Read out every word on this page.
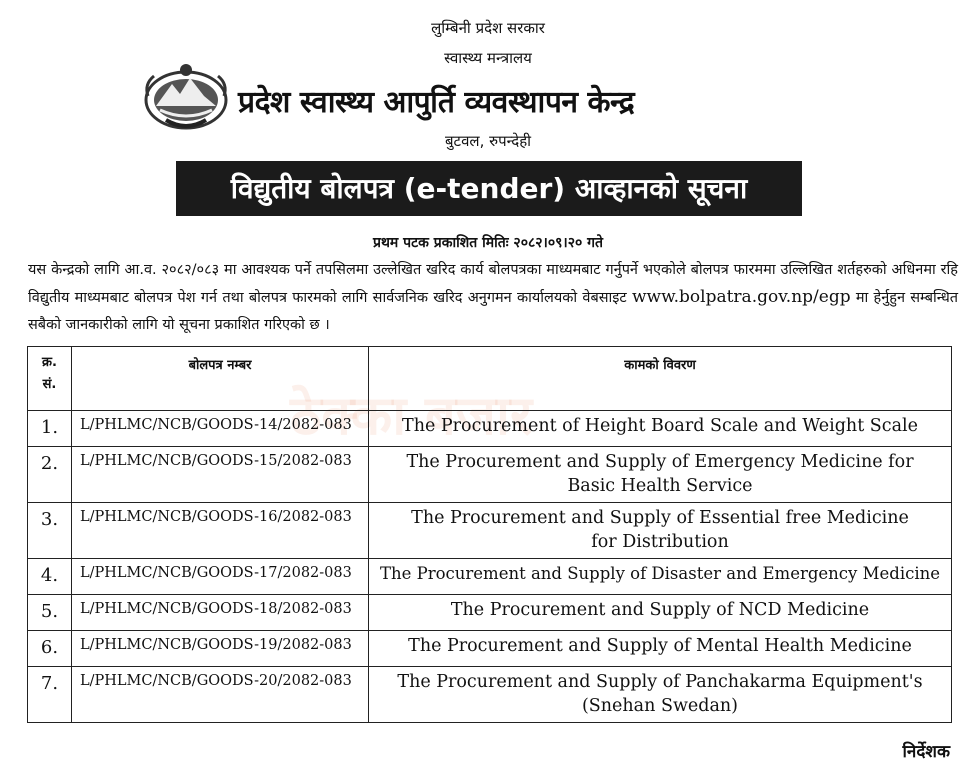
लुम्बिनी प्रदेश सरकार
स्वास्थ्य मन्त्रालय
प्रदेश स्वास्थ्य आपुर्ति व्यवस्थापन केन्द्र
बुटवल, रुपन्देही
विद्युतीय बोलपत्र (e-tender) आव्हानको सूचना
प्रथम पटक प्रकाशित मितिः २०८२।०९।२० गते
यस केन्द्रको लागि आ.व. २०८२/०८३ मा आवश्यक पर्ने तपसिलमा उल्लेखित खरिद कार्य बोलपत्रका माध्यमबाट गर्नुपर्ने भएकोले बोलपत्र फारममा उल्लिखित शर्तहरुको अधिनमा रहि विद्युतीय माध्यमबाट बोलपत्र पेश गर्न तथा बोलपत्र फारमको लागि सार्वजनिक खरिद अनुगमन कार्यालयको वेबसाइट www.bolpatra.gov.np/egp मा हेर्नुहुन सम्बन्धित सबैको जानकारीको लागि यो सूचना प्रकाशित गरिएको छ ।
ठेक्का बजार
क्र.
सं.	बोलपत्र नम्बर	कामको विवरण
1.	L/PHLMC/NCB/GOODS-14/2082-083	The Procurement of Height Board Scale and Weight Scale
2.	L/PHLMC/NCB/GOODS-15/2082-083	The Procurement and Supply of Emergency Medicine for
Basic Health Service
3.	L/PHLMC/NCB/GOODS-16/2082-083	The Procurement and Supply of Essential free Medicine
for Distribution
4.	L/PHLMC/NCB/GOODS-17/2082-083	The Procurement and Supply of Disaster and Emergency Medicine
5.	L/PHLMC/NCB/GOODS-18/2082-083	The Procurement and Supply of NCD Medicine
6.	L/PHLMC/NCB/GOODS-19/2082-083	The Procurement and Supply of Mental Health Medicine
7.	L/PHLMC/NCB/GOODS-20/2082-083	The Procurement and Supply of Panchakarma Equipment's
(Snehan Swedan)
निर्देशक
